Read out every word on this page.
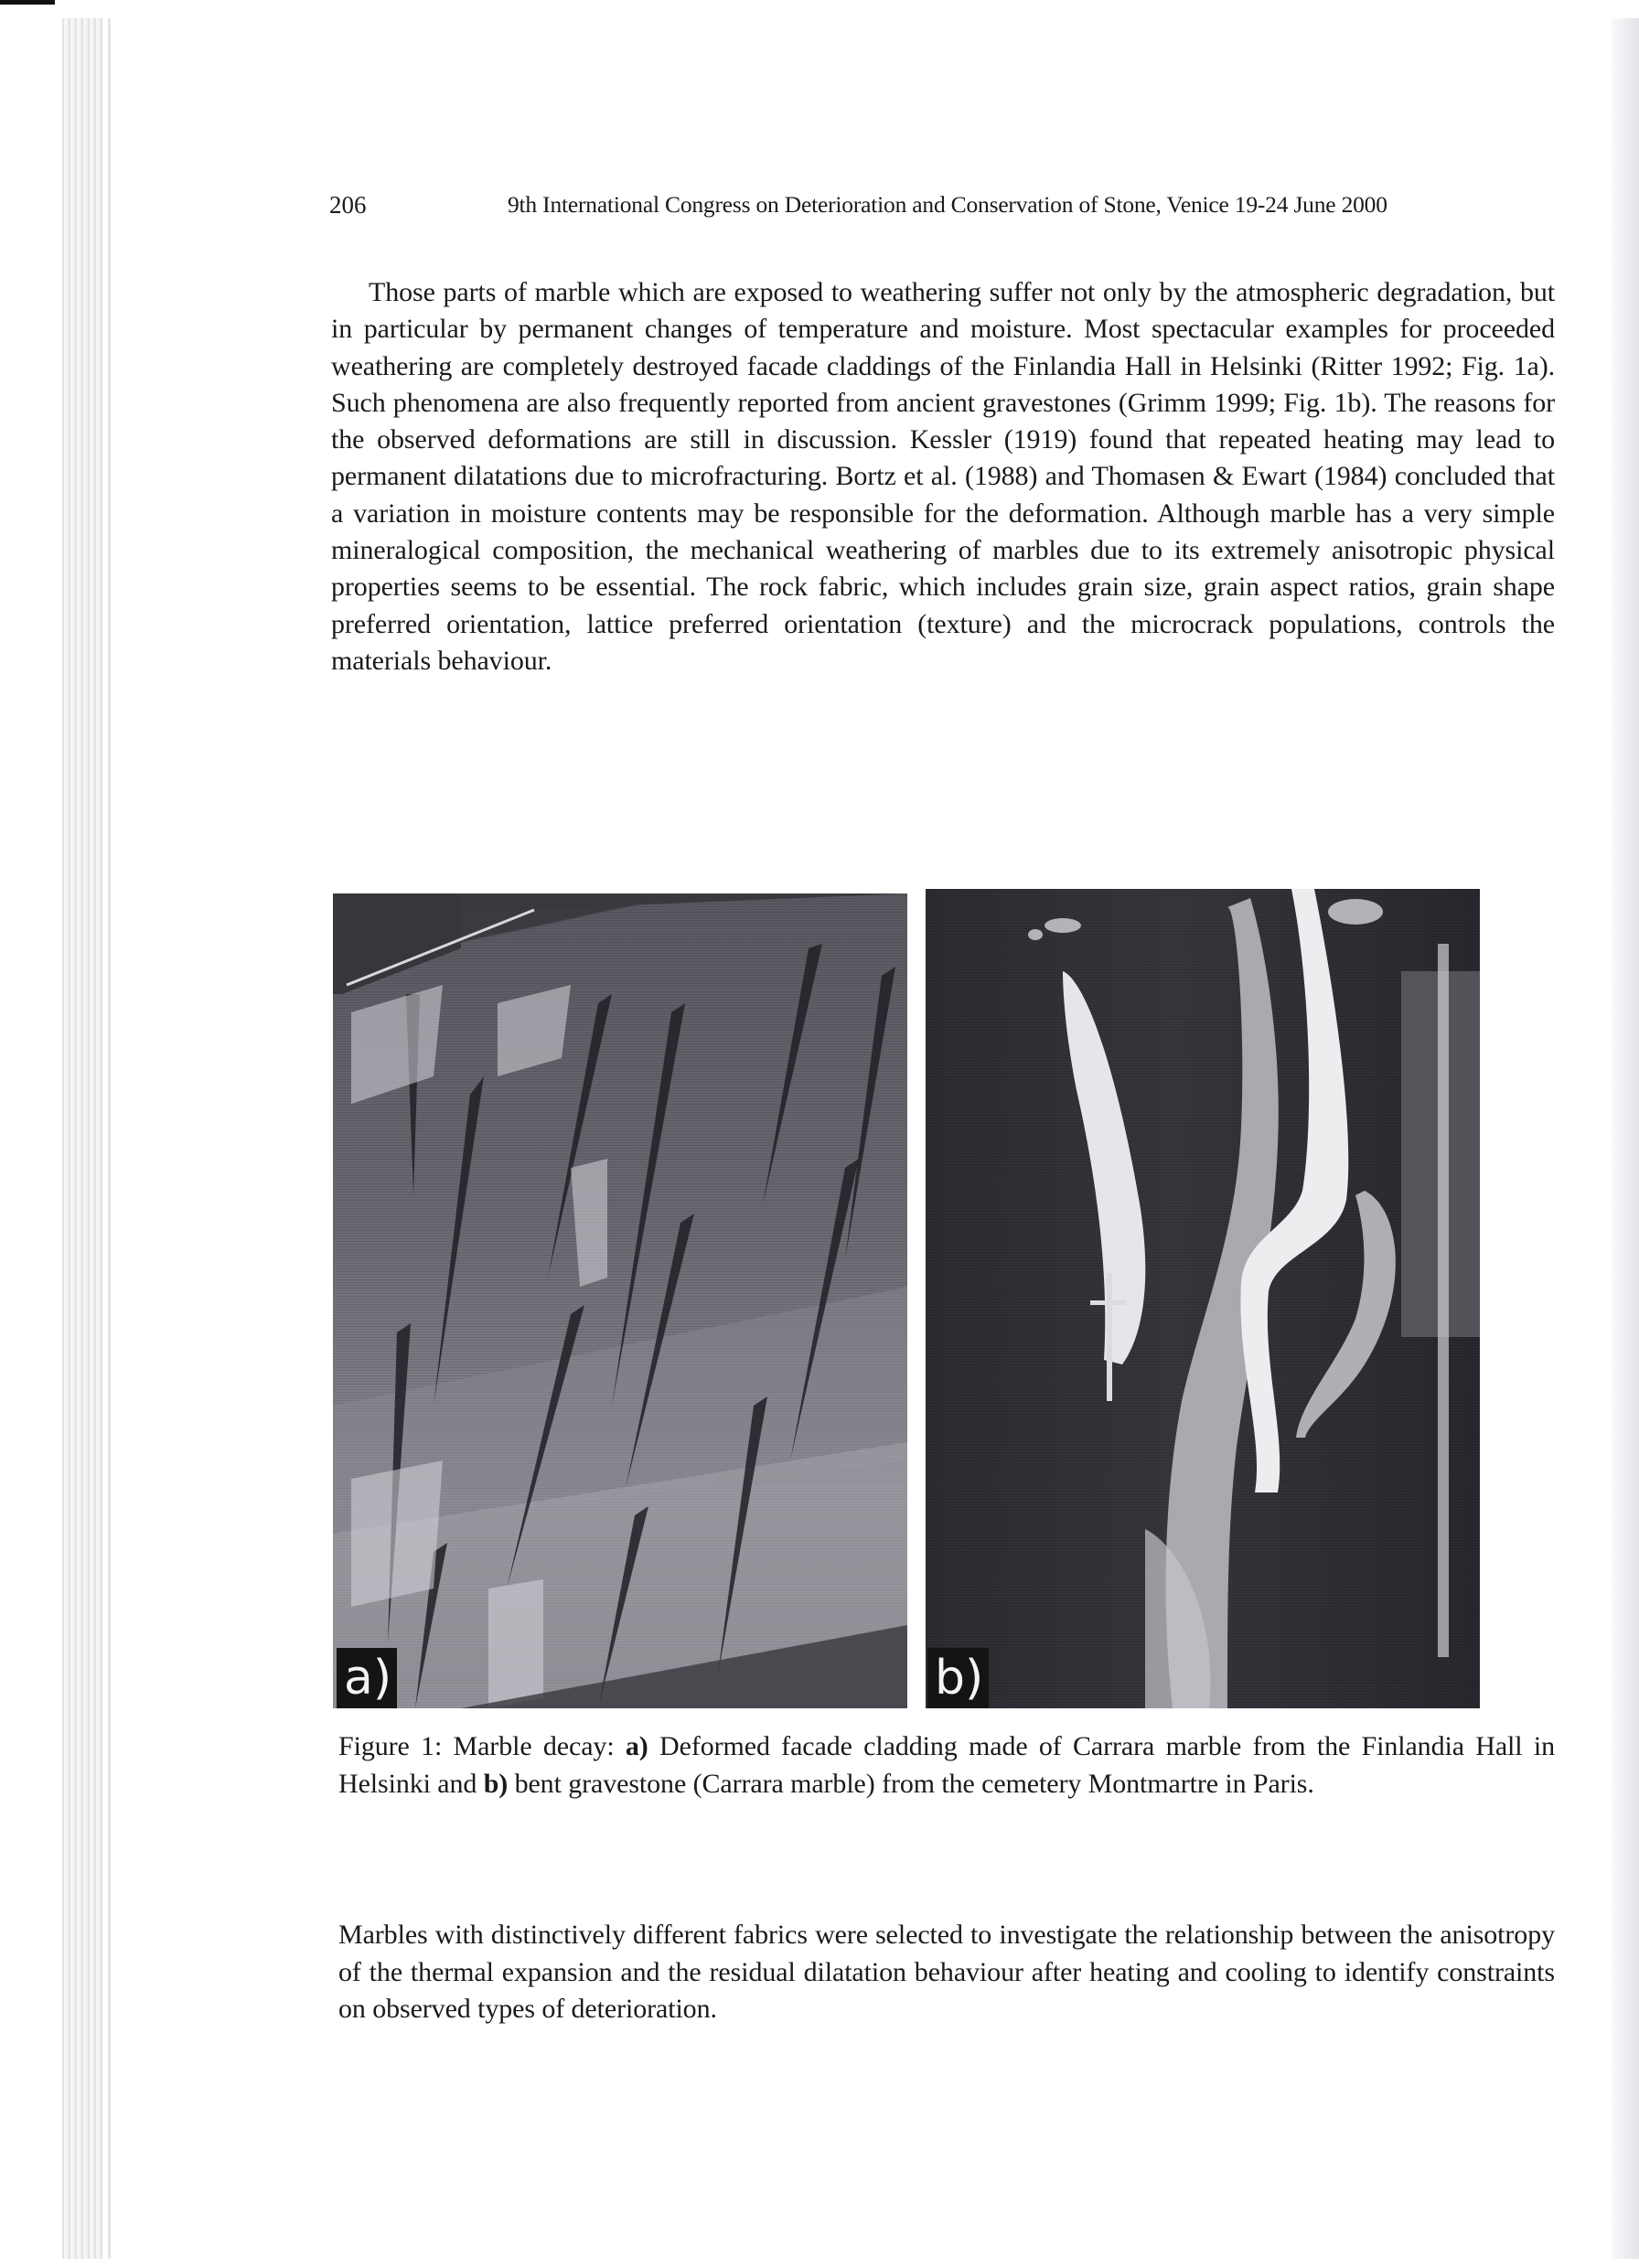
206	9th International Congress on Deterioration and Conservation of Stone, Venice 19-24 June 2000

Those parts of marble which are exposed to weathering suffer not only by the atmospheric degradation, but in particular by permanent changes of temperature and moisture. Most spectacular examples for proceeded weathering are completely destroyed facade claddings of the Finlandia Hall in Helsinki (Ritter 1992; Fig. 1a). Such phenomena are also frequently reported from ancient gravestones (Grimm 1999; Fig. 1b). The reasons for the observed deformations are still in discussion. Kessler (1919) found that repeated heating may lead to permanent dilatations due to microfracturing. Bortz et al. (1988) and Thomasen & Ewart (1984) concluded that a variation in moisture contents may be responsible for the deformation. Although marble has a very simple mineralogical composition, the mechanical weathering of marbles due to its extremely anisotropic physical properties seems to be essential. The rock fabric, which includes grain size, grain aspect ratios, grain shape preferred orientation, lattice preferred orientation (texture) and the microcrack populations, controls the materials behaviour.

a)	b)

Figure 1: Marble decay: a) Deformed facade cladding made of Carrara marble from the Finlandia Hall in Helsinki and b) bent gravestone (Carrara marble) from the cemetery Montmartre in Paris.

Marbles with distinctively different fabrics were selected to investigate the relationship between the anisotropy of the thermal expansion and the residual dilatation behaviour after heating and cooling to identify constraints on observed types of deterioration.
